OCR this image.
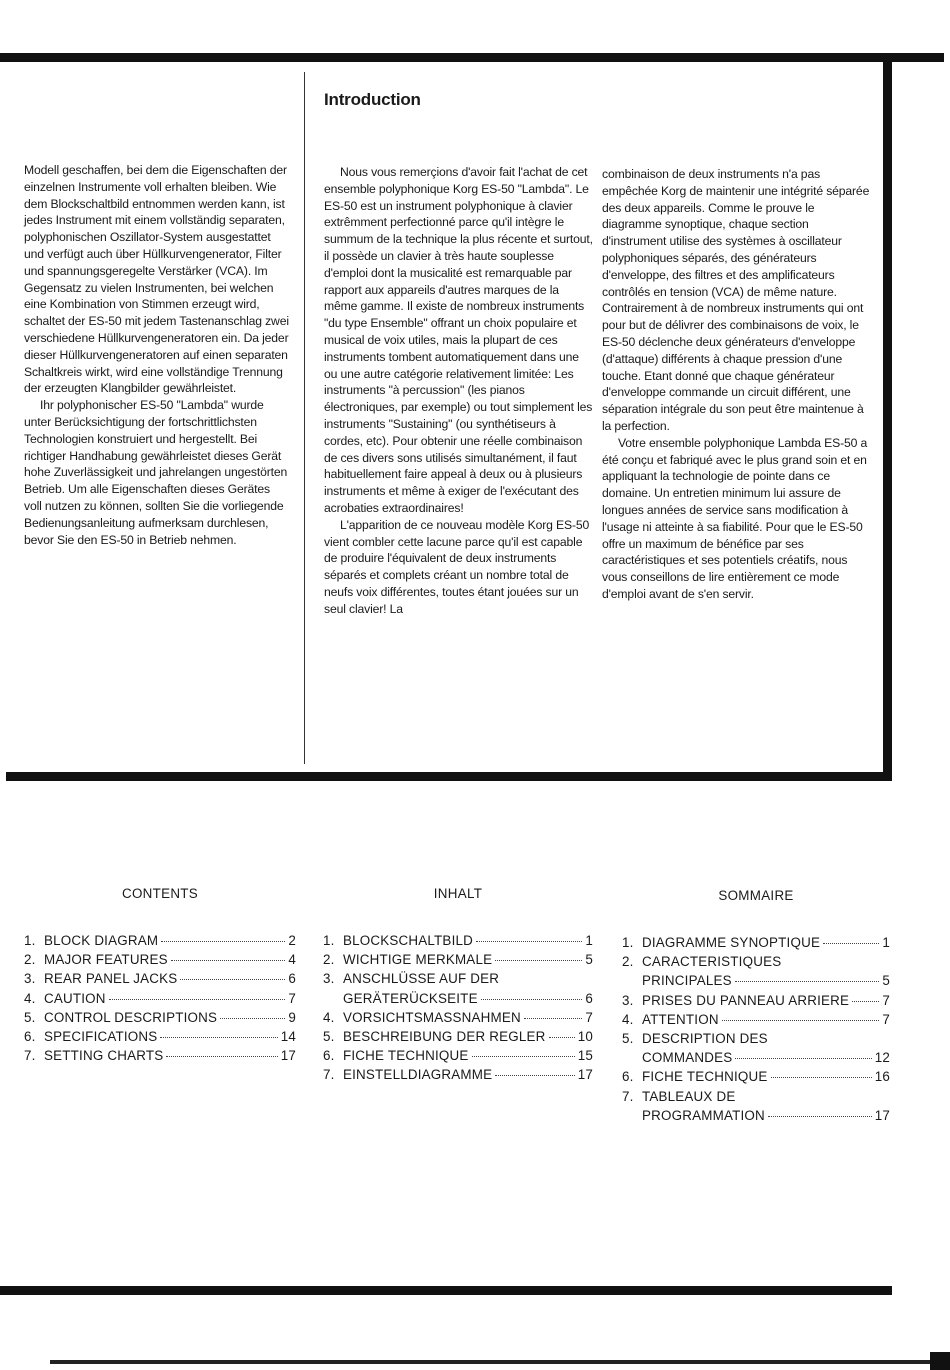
Introduction

Modell geschaffen, bei dem die Eigenschaften der einzelnen Instrumente voll erhalten bleiben. Wie dem Blockschaltbild entnommen werden kann, ist jedes Instrument mit einem vollständig separaten, polyphonischen Oszillator-System ausgestattet und verfügt auch über Hüllkurvengenerator, Filter und spannungsgeregelte Verstärker (VCA). Im Gegensatz zu vielen Instrumenten, bei welchen eine Kombination von Stimmen erzeugt wird, schaltet der ES-50 mit jedem Tastenanschlag zwei verschiedene Hüllkurvengeneratoren ein. Da jeder dieser Hüllkurvengeneratoren auf einen separaten Schaltkreis wirkt, wird eine vollständige Trennung der erzeugten Klangbilder gewährleistet.

Ihr polyphonischer ES-50 "Lambda" wurde unter Berücksichtigung der fortschrittlichsten Technologien konstruiert und hergestellt. Bei richtiger Handhabung gewährleistet dieses Gerät hohe Zuverlässigkeit und jahrelangen ungestörten Betrieb. Um alle Eigenschaften dieses Gerätes voll nutzen zu können, sollten Sie die vorliegende Bedienungsanleitung aufmerksam durchlesen, bevor Sie den ES-50 in Betrieb nehmen.

Nous vous remerçions d'avoir fait l'achat de cet ensemble polyphonique Korg ES-50 "Lambda". Le ES-50 est un instrument polyphonique à clavier extrêmment perfectionné parce qu'il intègre le summum de la technique la plus récente et surtout, il possède un clavier à très haute souplesse d'emploi dont la musicalité est remarquable par rapport aux appareils d'autres marques de la même gamme. Il existe de nombreux instruments "du type Ensemble" offrant un choix populaire et musical de voix utiles, mais la plupart de ces instruments tombent automatiquement dans une ou une autre catégorie relativement limitée: Les instruments "à percussion" (les pianos électroniques, par exemple) ou tout simplement les instruments "Sustaining" (ou synthétiseurs à cordes, etc). Pour obtenir une réelle combinaison de ces divers sons utilisés simultanément, il faut habituellement faire appeal à deux ou à plusieurs instruments et même à exiger de l'exécutant des acrobaties extraordinaires!

L'apparition de ce nouveau modèle Korg ES-50 vient combler cette lacune parce qu'il est capable de produire l'équivalent de deux instruments séparés et complets créant un nombre total de neufs voix différentes, toutes étant jouées sur un seul clavier! La

combinaison de deux instruments n'a pas empêchée Korg de maintenir une intégrité séparée des deux appareils. Comme le prouve le diagramme synoptique, chaque section d'instrument utilise des systèmes à oscillateur polyphoniques séparés, des générateurs d'enveloppe, des filtres et des amplificateurs contrôlés en tension (VCA) de même nature. Contrairement à de nombreux instruments qui ont pour but de délivrer des combinaisons de voix, le ES-50 déclenche deux générateurs d'enveloppe (d'attaque) différents à chaque pression d'une touche. Etant donné que chaque générateur d'enveloppe commande un circuit différent, une séparation intégrale du son peut être maintenue à la perfection.

Votre ensemble polyphonique Lambda ES-50 a été conçu et fabriqué avec le plus grand soin et en appliquant la technologie de pointe dans ce domaine. Un entretien minimum lui assure de longues années de service sans modification à l'usage ni atteinte à sa fiabilité. Pour que le ES-50 offre un maximum de bénéfice par ses caractéristiques et ses potentiels créatifs, nous vous conseillons de lire entièrement ce mode d'emploi avant de s'en servir.

CONTENTS
1. BLOCK DIAGRAM	2
2. MAJOR FEATURES	4
3. REAR PANEL JACKS	6
4. CAUTION	7
5. CONTROL DESCRIPTIONS	9
6. SPECIFICATIONS	14
7. SETTING CHARTS	17
INHALT
1. BLOCKSCHALTBILD	1
2. WICHTIGE MERKMALE	5
3. ANSCHLÜSSE AUF DER
GERÄTERÜCKSEITE	6
4. VORSICHTSMASSNAHMEN	7
5. BESCHREIBUNG DER REGLER 10
6. FICHE TECHNIQUE	15
7. EINSTELLDIAGRAMME	17
SOMMAIRE
1. DIAGRAMME SYNOPTIQUE	1
2. CARACTERISTIQUES
PRINCIPALES	5
3. PRISES DU PANNEAU ARRIERE 7
4. ATTENTION	7
5. DESCRIPTION DES
COMMANDES	12
6. FICHE TECHNIQUE	16
7. TABLEAUX DE
PROGRAMMATION	17
